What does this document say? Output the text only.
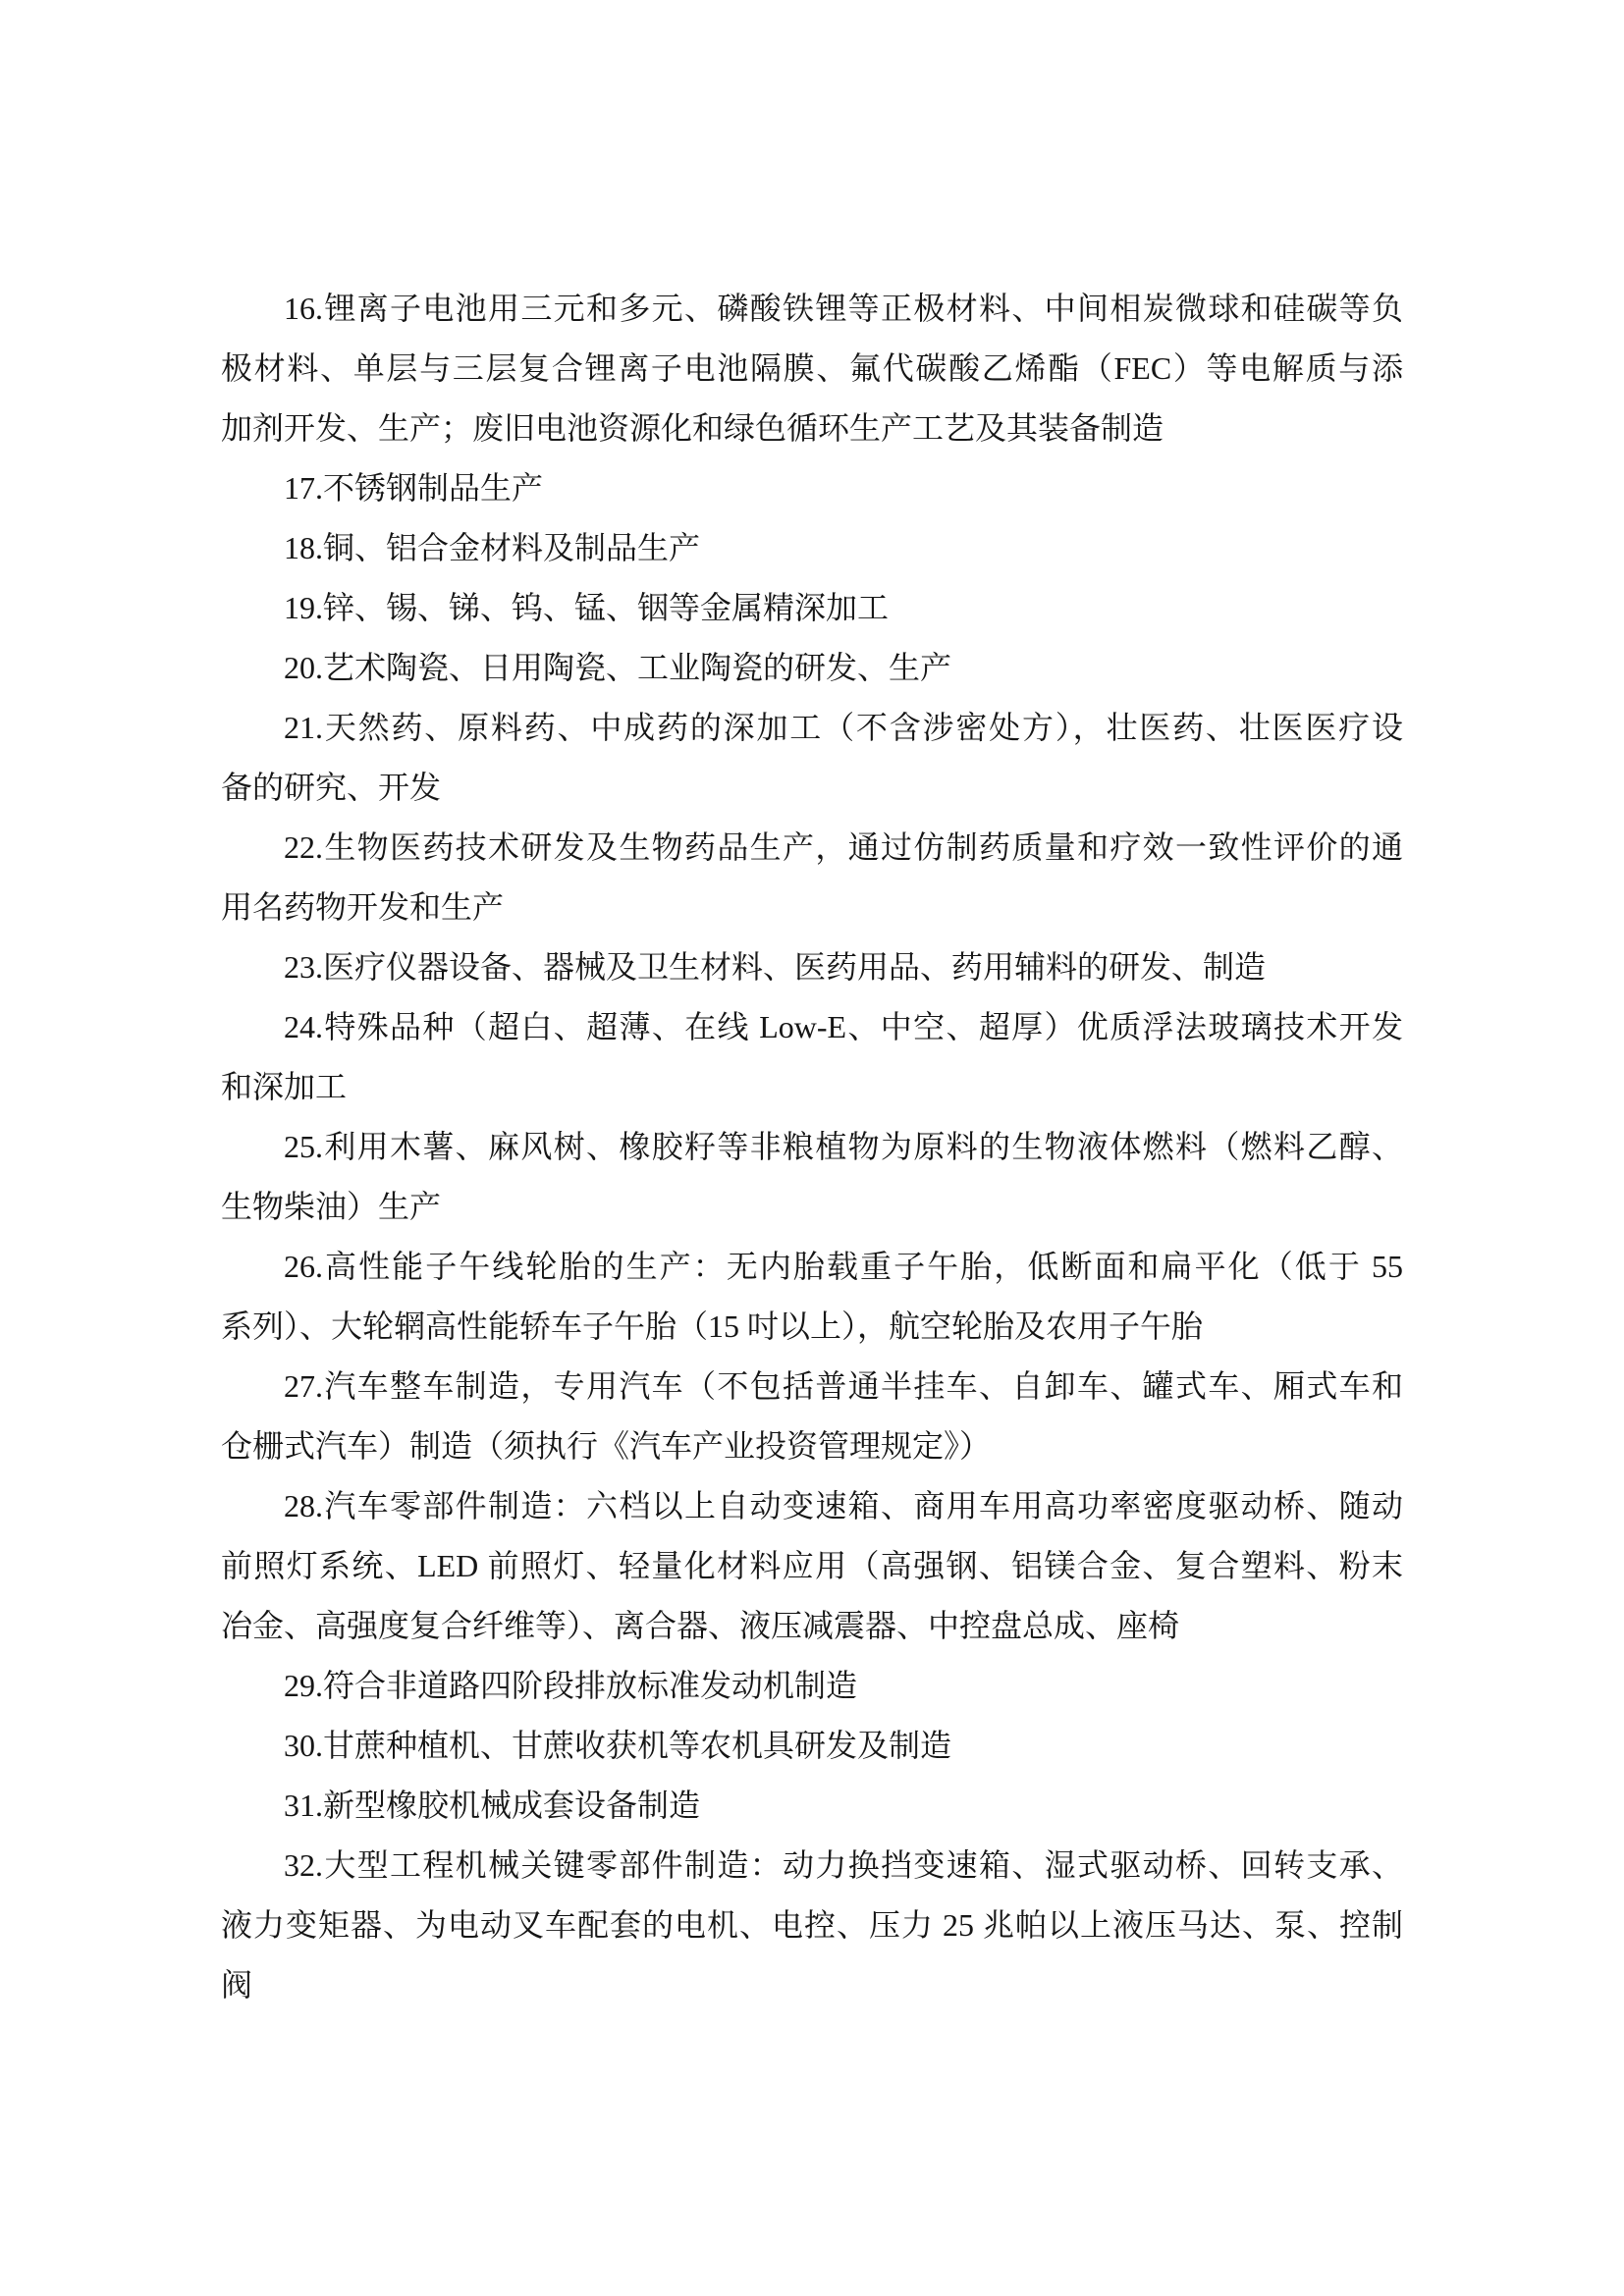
16.锂离子电池用三元和多元、磷酸铁锂等正极材料、中间相炭微球和硅碳等负
极材料、单层与三层复合锂离子电池隔膜、氟代碳酸乙烯酯（FEC）等电解质与添
加剂开发、生产；废旧电池资源化和绿色循环生产工艺及其装备制造
17.不锈钢制品生产
18.铜、铝合金材料及制品生产
19.锌、锡、锑、钨、锰、铟等金属精深加工
20.艺术陶瓷、日用陶瓷、工业陶瓷的研发、生产
21.天然药、原料药、中成药的深加工（不含涉密处方），壮医药、壮医医疗设
备的研究、开发
22.生物医药技术研发及生物药品生产，通过仿制药质量和疗效一致性评价的通
用名药物开发和生产
23.医疗仪器设备、器械及卫生材料、医药用品、药用辅料的研发、制造
24.特殊品种（超白、超薄、在线 Low-E、中空、超厚）优质浮法玻璃技术开发
和深加工
25.利用木薯、麻风树、橡胶籽等非粮植物为原料的生物液体燃料（燃料乙醇、
生物柴油）生产
26.高性能子午线轮胎的生产：无内胎载重子午胎，低断面和扁平化（低于 55
系列）、大轮辋高性能轿车子午胎（15 吋以上），航空轮胎及农用子午胎
27.汽车整车制造，专用汽车（不包括普通半挂车、自卸车、罐式车、厢式车和
仓栅式汽车）制造（须执行《汽车产业投资管理规定》）
28.汽车零部件制造：六档以上自动变速箱、商用车用高功率密度驱动桥、随动
前照灯系统、LED 前照灯、轻量化材料应用（高强钢、铝镁合金、复合塑料、粉末
冶金、高强度复合纤维等）、离合器、液压减震器、中控盘总成、座椅
29.符合非道路四阶段排放标准发动机制造
30.甘蔗种植机、甘蔗收获机等农机具研发及制造
31.新型橡胶机械成套设备制造
32.大型工程机械关键零部件制造：动力换挡变速箱、湿式驱动桥、回转支承、
液力变矩器、为电动叉车配套的电机、电控、压力 25 兆帕以上液压马达、泵、控制
阀
